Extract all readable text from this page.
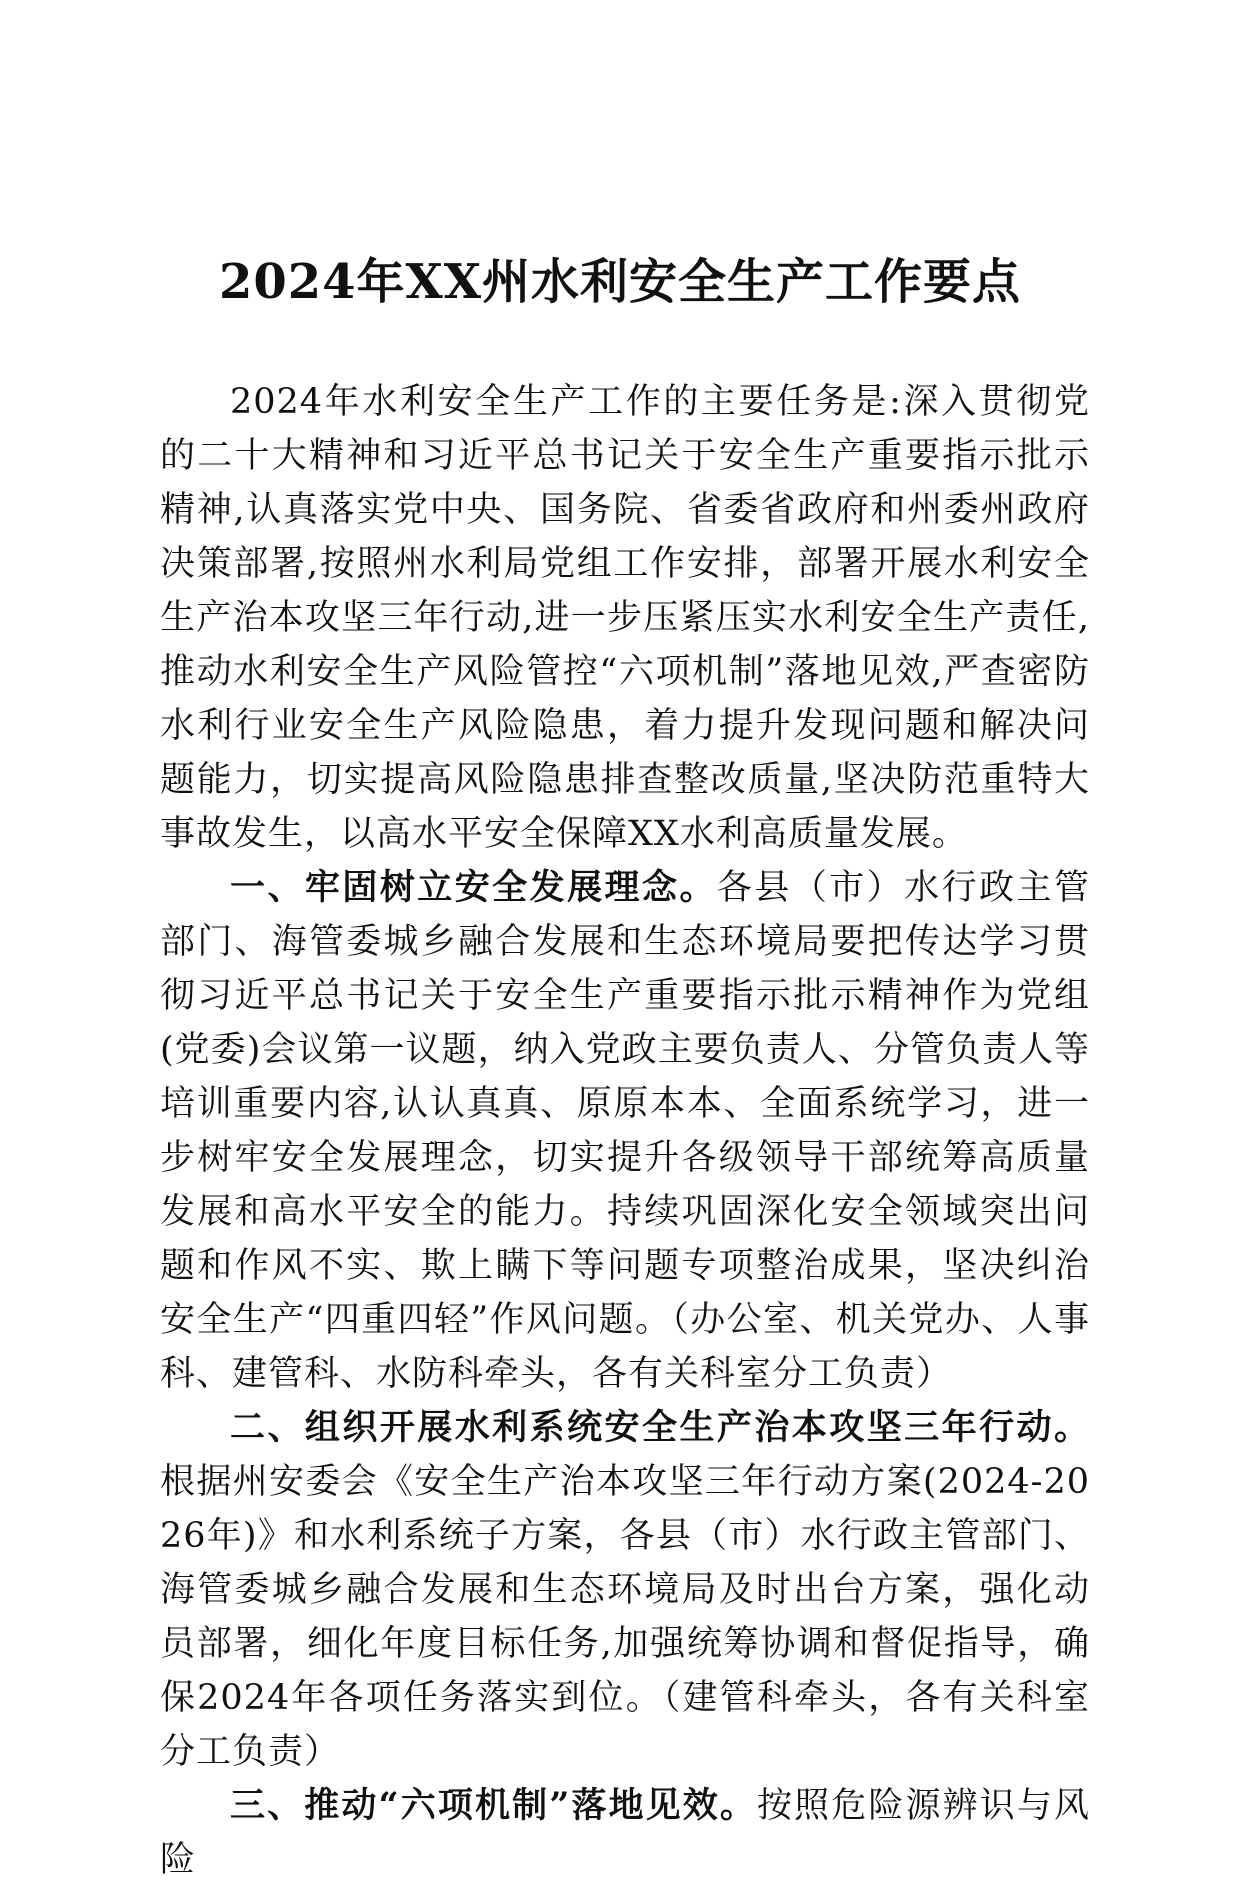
2024年XX州水利安全生产工作要点

2024年水利安全生产工作的主要任务是:深入贯彻党的二十大精神和习近平总书记关于安全生产重要指示批示精神,认真落实党中央、国务院、省委省政府和州委州政府决策部署,按照州水利局党组工作安排，部署开展水利安全生产治本攻坚三年行动,进一步压紧压实水利安全生产责任,推动水利安全生产风险管控“六项机制”落地见效,严查密防水利行业安全生产风险隐患，着力提升发现问题和解决问题能力，切实提高风险隐患排查整改质量,坚决防范重特大事故发生，以高水平安全保障XX水利高质量发展。

一、牢固树立安全发展理念。各县（市）水行政主管部门、海管委城乡融合发展和生态环境局要把传达学习贯彻习近平总书记关于安全生产重要指示批示精神作为党组(党委)会议第一议题，纳入党政主要负责人、分管负责人等培训重要内容,认认真真、原原本本、全面系统学习，进一步树牢安全发展理念，切实提升各级领导干部统筹高质量发展和高水平安全的能力。持续巩固深化安全领域突出问题和作风不实、欺上瞒下等问题专项整治成果，坚决纠治安全生产“四重四轻”作风问题。（办公室、机关党办、人事科、建管科、水防科牵头，各有关科室分工负责）

二、组织开展水利系统安全生产治本攻坚三年行动。根据州安委会《安全生产治本攻坚三年行动方案(2024-2026年)》和水利系统子方案，各县（市）水行政主管部门、海管委城乡融合发展和生态环境局及时出台方案，强化动员部署，细化年度目标任务,加强统筹协调和督促指导，确保2024年各项任务落实到位。（建管科牵头，各有关科室分工负责）

三、推动“六项机制”落地见效。按照危险源辨识与风险
